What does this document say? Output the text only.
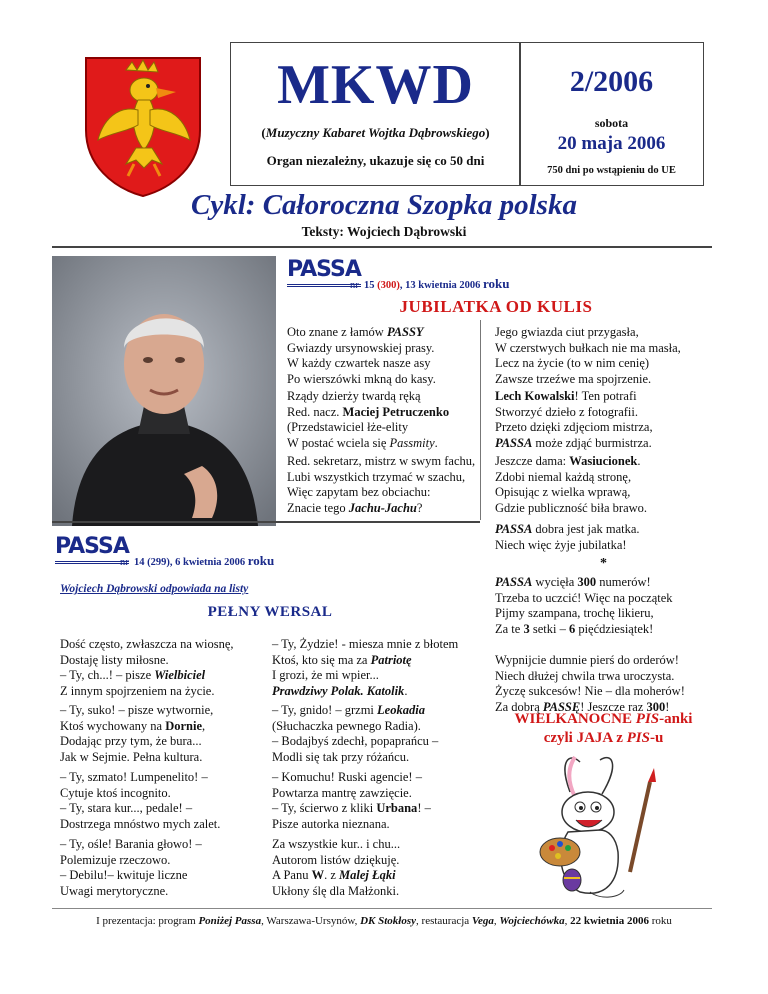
MKWD
(Muzyczny Kabaret Wojtka Dąbrowskiego)
Organ niezależny, ukazuje się co 50 dni
2/2006
sobota
20 maja 2006
750 dni po wstąpieniu do UE
Cykl: Całoroczna Szopka polska
Teksty: Wojciech Dąbrowski
PASSA
nr 15 (300), 13 kwietnia 2006 roku
JUBILATKA OD KULIS
Oto znane z łamów PASSY
Gwiazdy ursynowskiej prasy.
W każdy czwartek nasze asy
Po wierszówki mkną do kasy.
Rządy dzierży twardą ręką
Red. nacz. Maciej Petruczenko
(Przedstawiciel łże-elity
W postać wcielа się Passmity.
Red. sekretarz, mistrz w swym fachu,
Lubi wszystkich trzymać w szachu,
Więc zapytam bez obciachu:
Znacie tego Jachu-Jachu?
Jego gwiazda ciut przygasła,
W czerstwych bułkach nie ma masła,
Lecz na życie (to w nim cenię)
Zawsze trzeźwe ma spojrzenie.
Lech Kowalski! Ten potrafi
Stworzyć dzieło z fotografii.
Przeto dzięki zdjęciom mistrza,
PASSA może zdjąć burmistrza.
Jeszcze dama: Wasiucionek.
Zdobi niemal każdą stronę,
Opisując z wielka wprawą,
Gdzie publiczność biła brawo.
PASSA dobra jest jak matka.
Niech więc żyje jubilatka!
*
PASSA wycięła 300 numerów!
Trzeba to uczcić! Więc na początek
Pijmy szampana, trochę likieru,
Za te 3 setki – 6 pięćdziesiątek!
Wypnijcie dumnie pierś do orderów!
Niech dłużej chwila trwa uroczysta.
Życzę sukcesów! Nie – dla moherów!
Za dobrą PASSĘ! Jeszcze raz 300!
PASSA
nr 14 (299), 6 kwietnia 2006 roku
Wojciech Dąbrowski odpowiada na listy
PEŁNY WERSAL
Dość często, zwłaszcza na wiosnę,
Dostaję listy miłosne.
– Ty, ch...! – pisze Wielbiciel
Z innym spojrzeniem na życie.
– Ty, suko! – pisze wytwornie,
Ktoś wychowany na Dornie,
Dodając przy tym, że bura...
Jak w Sejmie. Pełna kultura.
– Ty, szmato! Lumpenelito! –
Cytuje ktoś incognito.
– Ty, stara kur..., pedale! –
Dostrzega mnóstwo mych zalet.
– Ty, ośle! Barania głowo! –
Polemizuje rzeczowo.
– Debilu!– kwituje liczne
Uwagi merytoryczne.
– Ty, Żydzie! - miesza mnie z błotem
Ktoś, kto się ma za Patriotę
I grozi, że mi wpier...
Prawdziwy Polak. Katolik.
– Ty, gnido! – grzmi Leokadia
(Słuchaczka pewnego Radia).
– Bodajbyś zdechł, popaprańcu –
Modli się tak przy różańcu.
– Komuchu! Ruski agencie! –
Powtarza mantrę zawzięcie.
– Ty, ścierwo z kliki Urbana! –
Pisze autorka nieznana.
Za wszystkie kur.. i chu...
Autorom listów dziękuję.
A Panu W. z Malej Łąki
Ukłony ślę dla Małżonki.
WIELKANOCNE PIS-anki
czyli JAJA z PIS-u
I prezentacja: program Poniżej Passa, Warszawa-Ursynów, DK Stokłosy, restauracja Vega, Wojciechówka, 22 kwietnia 2006 roku
